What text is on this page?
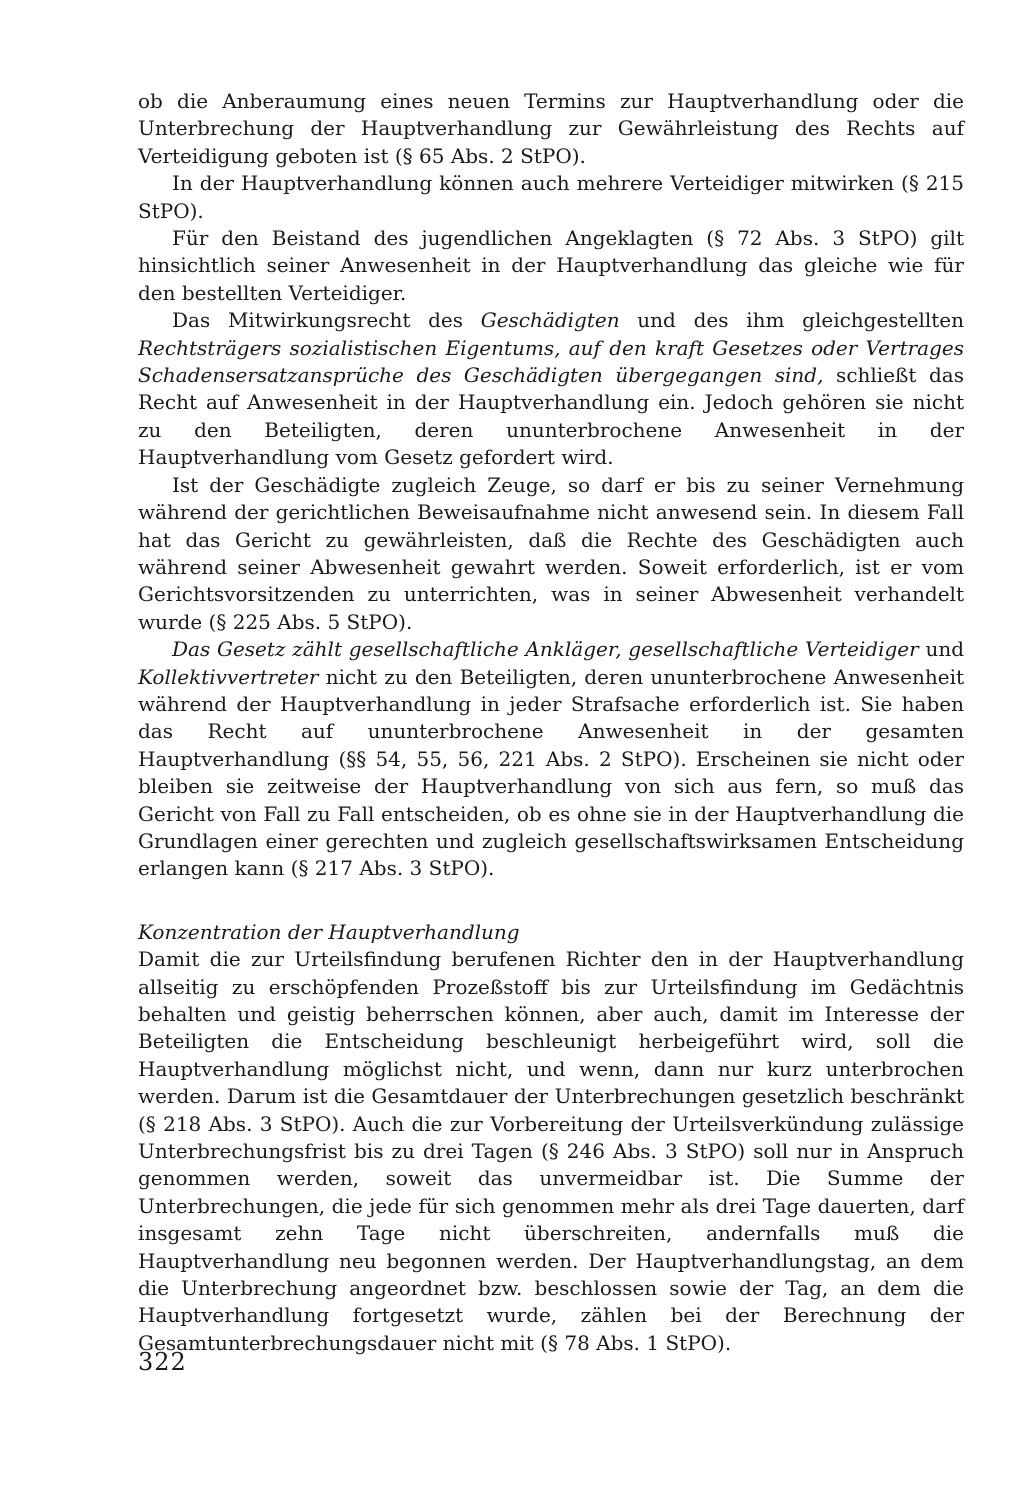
ob die Anberaumung eines neuen Termins zur Hauptverhandlung oder die Unterbrechung der Hauptverhandlung zur Gewährleistung des Rechts auf Verteidigung geboten ist (§ 65 Abs. 2 StPO).

In der Hauptverhandlung können auch mehrere Verteidiger mitwirken (§ 215 StPO).

Für den Beistand des jugendlichen Angeklagten (§ 72 Abs. 3 StPO) gilt hinsichtlich seiner Anwesenheit in der Hauptverhandlung das gleiche wie für den bestellten Verteidiger.

Das Mitwirkungsrecht des Geschädigten und des ihm gleichgestellten Rechtsträgers sozialistischen Eigentums, auf den kraft Gesetzes oder Vertrages Schadensersatzansprüche des Geschädigten übergegangen sind, schließt das Recht auf Anwesenheit in der Hauptverhandlung ein. Jedoch gehören sie nicht zu den Beteiligten, deren ununterbrochene Anwesenheit in der Hauptverhandlung vom Gesetz gefordert wird.

Ist der Geschädigte zugleich Zeuge, so darf er bis zu seiner Vernehmung während der gerichtlichen Beweisaufnahme nicht anwesend sein. In diesem Fall hat das Gericht zu gewährleisten, daß die Rechte des Geschädigten auch während seiner Abwesenheit gewahrt werden. Soweit erforderlich, ist er vom Gerichtsvorsitzenden zu unterrichten, was in seiner Abwesenheit verhandelt wurde (§ 225 Abs. 5 StPO).

Das Gesetz zählt gesellschaftliche Ankläger, gesellschaftliche Verteidiger und Kollektivvertreter nicht zu den Beteiligten, deren ununterbrochene Anwesenheit während der Hauptverhandlung in jeder Strafsache erforderlich ist. Sie haben das Recht auf ununterbrochene Anwesenheit in der gesamten Hauptverhandlung (§§ 54, 55, 56, 221 Abs. 2 StPO). Erscheinen sie nicht oder bleiben sie zeitweise der Hauptverhandlung von sich aus fern, so muß das Gericht von Fall zu Fall entscheiden, ob es ohne sie in der Hauptverhandlung die Grundlagen einer gerechten und zugleich gesellschaftswirksamen Entscheidung erlangen kann (§ 217 Abs. 3 StPO).

Konzentration der Hauptverhandlung

Damit die zur Urteilsfindung berufenen Richter den in der Hauptverhandlung allseitig zu erschöpfenden Prozeßstoff bis zur Urteilsfindung im Gedächtnis behalten und geistig beherrschen können, aber auch, damit im Interesse der Beteiligten die Entscheidung beschleunigt herbeigeführt wird, soll die Hauptverhandlung möglichst nicht, und wenn, dann nur kurz unterbrochen werden. Darum ist die Gesamtdauer der Unterbrechungen gesetzlich beschränkt (§ 218 Abs. 3 StPO). Auch die zur Vorbereitung der Urteilsverkündung zulässige Unterbrechungsfrist bis zu drei Tagen (§ 246 Abs. 3 StPO) soll nur in Anspruch genommen werden, soweit das unvermeidbar ist. Die Summe der Unterbrechungen, die jede für sich genommen mehr als drei Tage dauerten, darf insgesamt zehn Tage nicht überschreiten, andernfalls muß die Hauptverhandlung neu begonnen werden. Der Hauptverhandlungstag, an dem die Unterbrechung angeordnet bzw. beschlossen sowie der Tag, an dem die Hauptverhandlung fortgesetzt wurde, zählen bei der Berechnung der Gesamtunterbrechungsdauer nicht mit (§ 78 Abs. 1 StPO).

322
